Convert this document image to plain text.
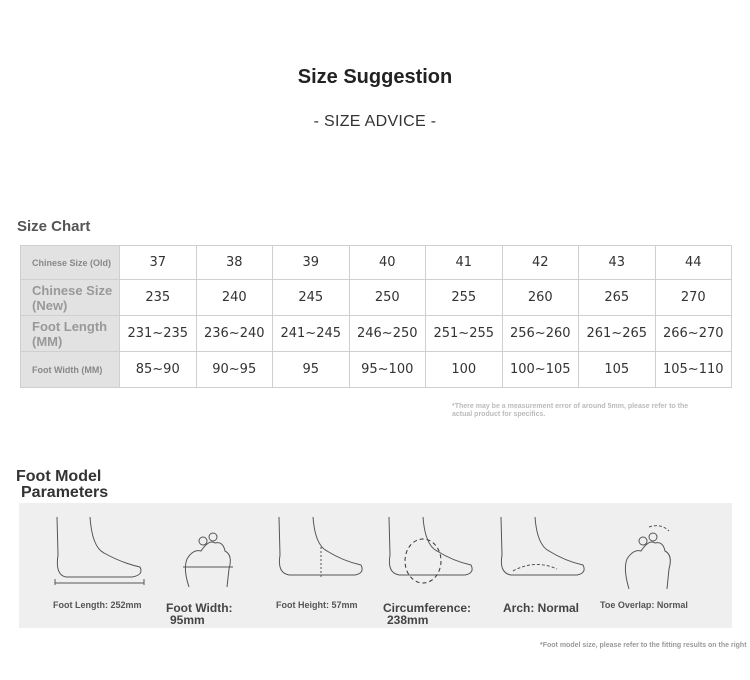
Size Suggestion
- SIZE ADVICE -
Size Chart
Chinese Size (Old)	37	38	39	40	41	42	43	44
Chinese Size (New)	235	240	245	250	255	260	265	270
Foot Length (MM)	231~235	236~240	241~245	246~250	251~255	256~260	261~265	266~270
Foot Width (MM)	85~90	90~95	95	95~100	100	100~105	105	105~110
*There may be a measurement error of around 5mm, please refer to the actual product for specifics.
Foot Model
Parameters
Foot Length: 252mm Foot Width:
95mm
Foot Height: 57mm Circumference:
238mm
Arch: Normal Toe Overlap: Normal
*Foot model size, please refer to the fitting results on the right
